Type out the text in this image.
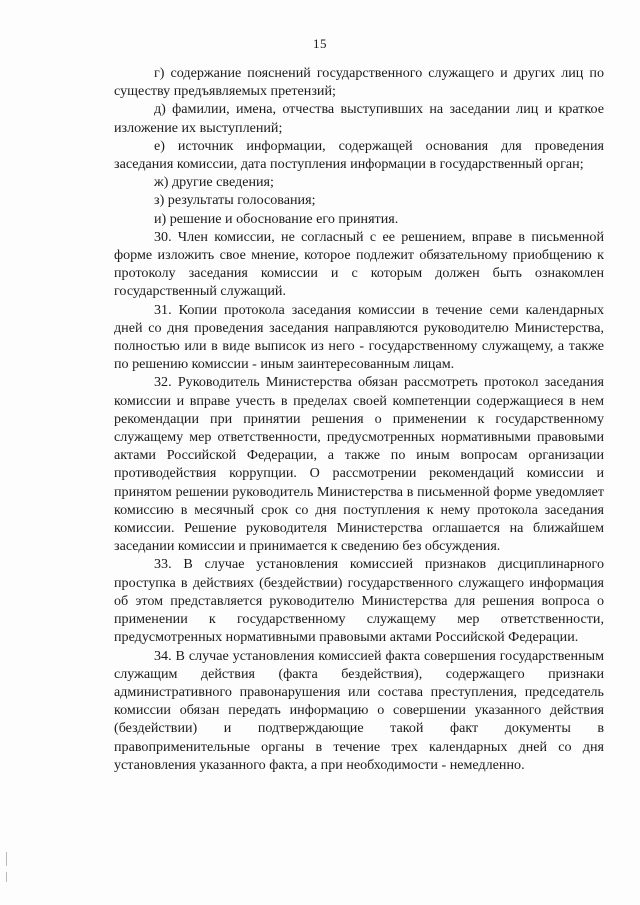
15

г) содержание пояснений государственного служащего и других лиц по существу предъявляемых претензий;

д) фамилии, имена, отчества выступивших на заседании лиц и краткое изложение их выступлений;

е) источник информации, содержащей основания для проведения заседания комиссии, дата поступления информации в государственный орган;

ж) другие сведения;

з) результаты голосования;

и) решение и обоснование его принятия.

30. Член комиссии, не согласный с ее решением, вправе в письменной форме изложить свое мнение, которое подлежит обязательному приобщению к протоколу заседания комиссии и с которым должен быть ознакомлен государственный служащий.

31. Копии протокола заседания комиссии в течение семи календарных дней со дня проведения заседания направляются руководителю Министерства, полностью или в виде выписок из него - государственному служащему, а также по решению комиссии - иным заинтересованным лицам.

32. Руководитель Министерства обязан рассмотреть протокол заседания комиссии и вправе учесть в пределах своей компетенции содержащиеся в нем рекомендации при принятии решения о применении к государственному служащему мер ответственности, предусмотренных нормативными правовыми актами Российской Федерации, а также по иным вопросам организации противодействия коррупции. О рассмотрении рекомендаций комиссии и принятом решении руководитель Министерства в письменной форме уведомляет комиссию в месячный срок со дня поступления к нему протокола заседания комиссии. Решение руководителя Министерства оглашается на ближайшем заседании комиссии и принимается к сведению без обсуждения.

33. В случае установления комиссией признаков дисциплинарного проступка в действиях (бездействии) государственного служащего информация об этом представляется руководителю Министерства для решения вопроса о применении к государственному служащему мер ответственности, предусмотренных нормативными правовыми актами Российской Федерации.

34. В случае установления комиссией факта совершения государственным служащим действия (факта бездействия), содержащего признаки административного правонарушения или состава преступления, председатель комиссии обязан передать информацию о совершении указанного действия (бездействии) и подтверждающие такой факт документы в правоприменительные органы в течение трех календарных дней со дня установления указанного факта, а при необходимости - немедленно.
